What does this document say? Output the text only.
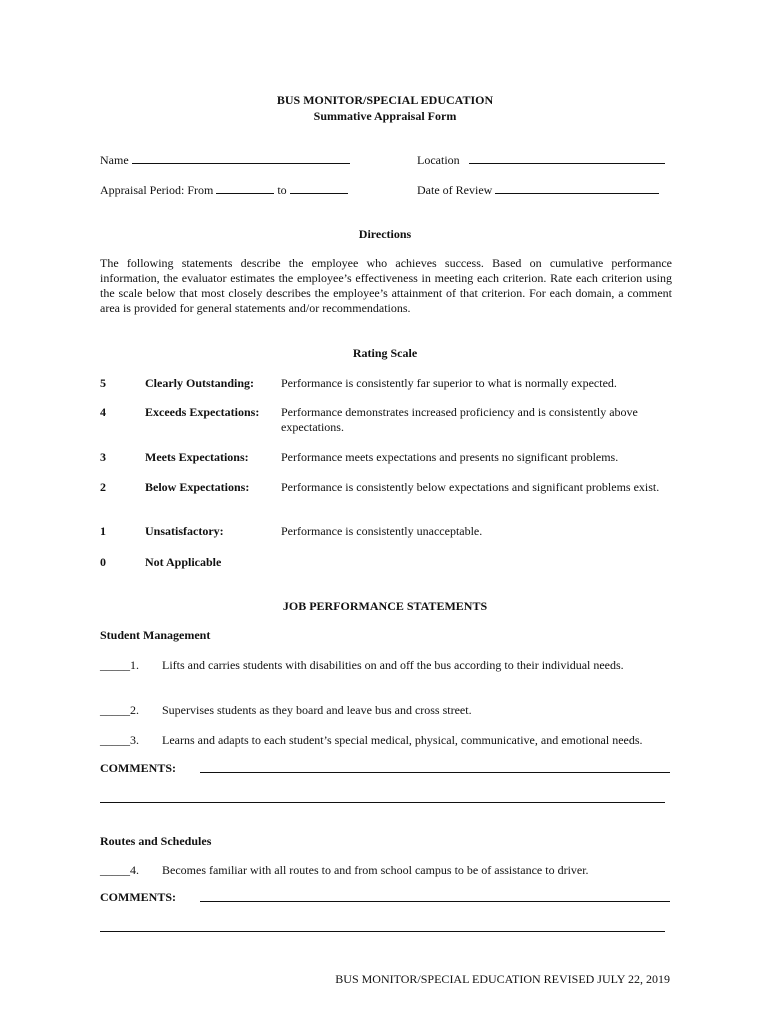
BUS MONITOR/SPECIAL EDUCATION
Summative Appraisal Form
Name	Location
Appraisal Period: From	to	Date of Review
Directions
The following statements describe the employee who achieves success. Based on cumulative performance information, the evaluator estimates the employee’s effectiveness in meeting each criterion. Rate each criterion using the scale below that most closely describes the employee’s attainment of that criterion. For each domain, a comment area is provided for general statements and/or recommendations.
Rating Scale
5	Clearly Outstanding: Performance is consistently far superior to what is normally expected.
4	Exceeds Expectations: Performance demonstrates increased proficiency and is consistently above expectations.
3	Meets Expectations:	Performance meets expectations and presents no significant problems.
2	Below Expectations:	Performance is consistently below expectations and significant problems exist.
1	Unsatisfactory:	Performance is consistently unacceptable.
0	Not Applicable
JOB PERFORMANCE STATEMENTS
Student Management
_____1. Lifts and carries students with disabilities on and off the bus according to their individual needs.
_____2. Supervises students as they board and leave bus and cross street.
_____3. Learns and adapts to each student’s special medical, physical, communicative, and emotional needs.
COMMENTS:
Routes and Schedules
_____4. Becomes familiar with all routes to and from school campus to be of assistance to driver.
COMMENTS:
BUS MONITOR/SPECIAL EDUCATION REVISED JULY 22, 2019
